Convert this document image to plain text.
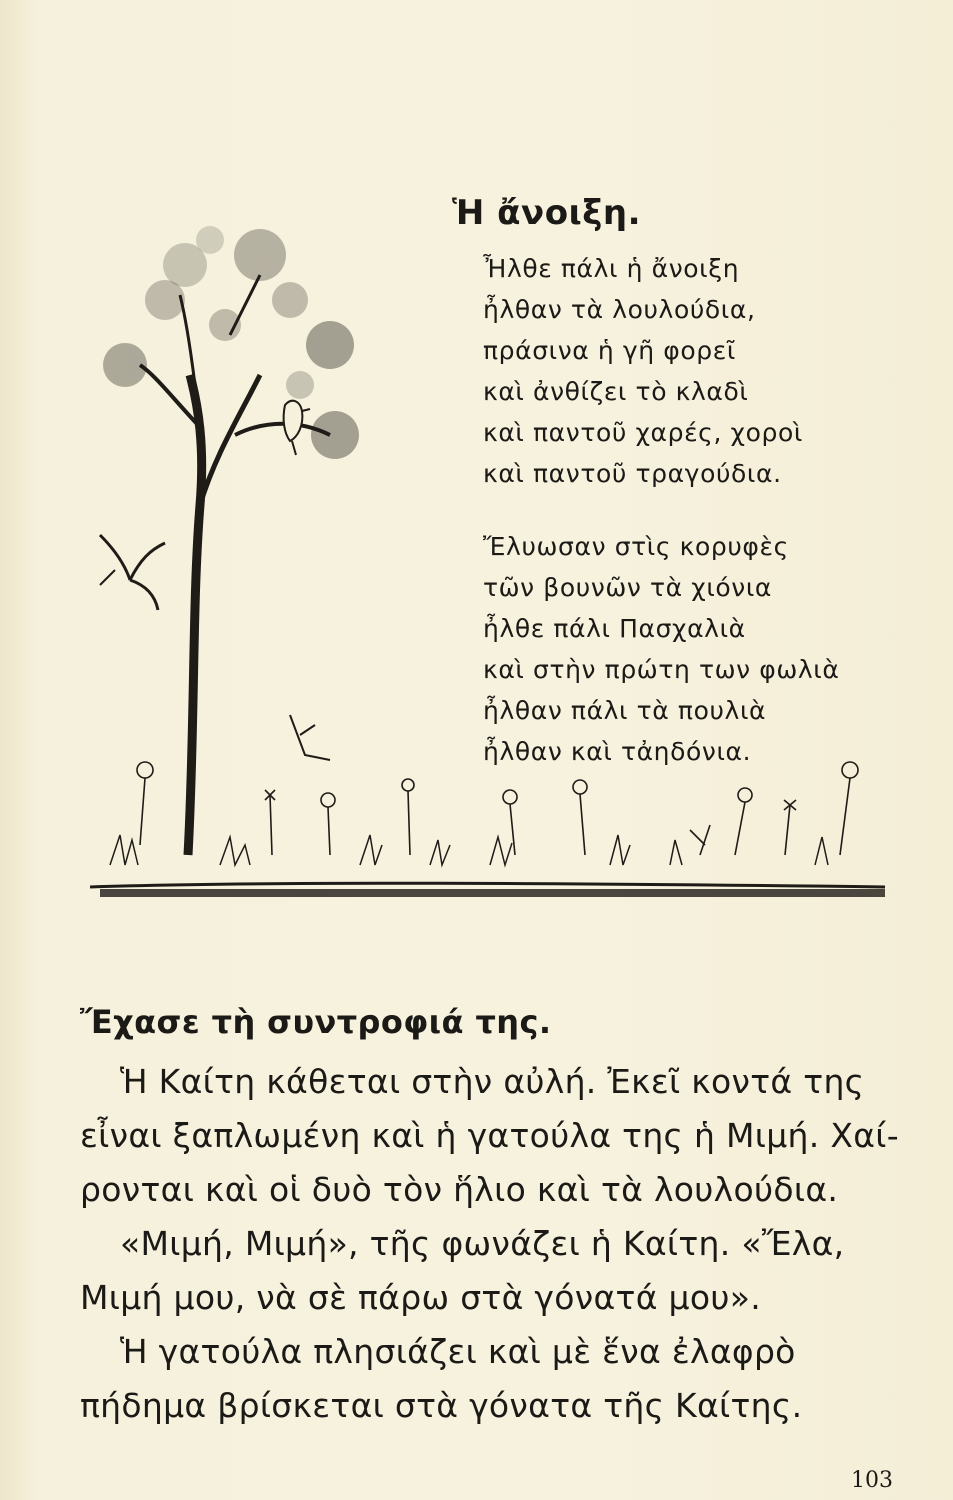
Ἡ ἄνοιξη.
Ἦλθε πάλι ἡ ἄνοιξη
ἦλθαν τὰ λουλούδια,
πράσινα ἡ γῆ φορεῖ
καὶ ἀνθίζει τὸ κλαδὶ
καὶ παντοῦ χαρές, χοροὶ
καὶ παντοῦ τραγούδια.
Ἔλυωσαν στὶς κορυφὲς
τῶν βουνῶν τὰ χιόνια
ἦλθε πάλι Πασχαλιὰ
καὶ στὴν πρώτη των φωλιὰ
ἦλθαν πάλι τὰ πουλιὰ
ἦλθαν καὶ τἀηδόνια.
Ἔχασε τὴ συντροφιά της.
Ἡ Καίτη κάθεται στὴν αὐλή. Ἐκεῖ κοντά της
εἶναι ξαπλωμένη καὶ ἡ γατούλα της ἡ Μιμή. Χαί-
ρονται καὶ οἱ δυὸ τὸν ἥλιο καὶ τὰ λουλούδια.
«Μιμή, Μιμή», τῆς φωνάζει ἡ Καίτη. «Ἔλα,
Μιμή μου, νὰ σὲ πάρω στὰ γόνατά μου».
Ἡ γατούλα πλησιάζει καὶ μὲ ἕνα ἐλαφρὸ
πήδημα βρίσκεται στὰ γόνατα τῆς Καίτης.
103
